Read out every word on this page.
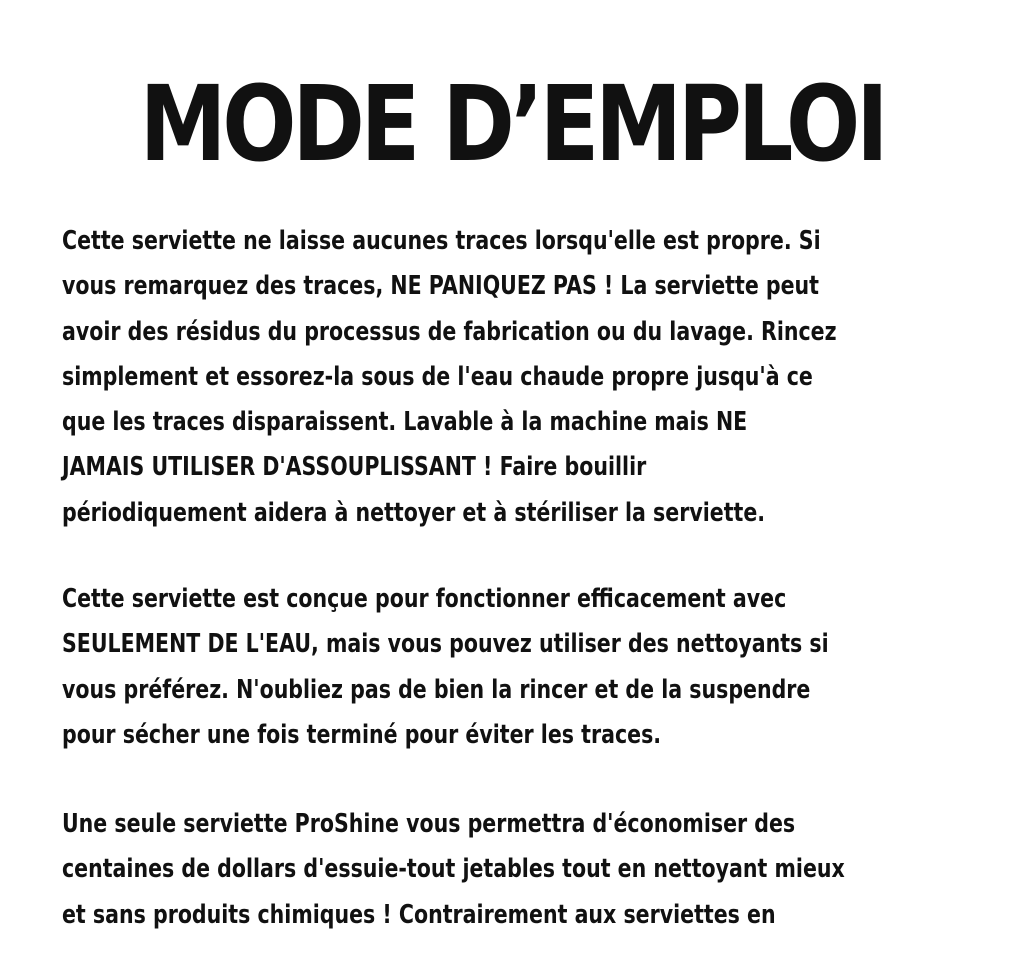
MODE D’EMPLOI
Cette serviette ne laisse aucunes traces lorsqu'elle est propre. Si
vous remarquez des traces, NE PANIQUEZ PAS ! La serviette peut
avoir des résidus du processus de fabrication ou du lavage. Rincez
simplement et essorez-la sous de l'eau chaude propre jusqu'à ce
que les traces disparaissent. Lavable à la machine mais NE
JAMAIS UTILISER D'ASSOUPLISSANT ! Faire bouillir
périodiquement aidera à nettoyer et à stériliser la serviette.
Cette serviette est conçue pour fonctionner efficacement avec
SEULEMENT DE L'EAU, mais vous pouvez utiliser des nettoyants si
vous préférez. N'oubliez pas de bien la rincer et de la suspendre
pour sécher une fois terminé pour éviter les traces.
Une seule serviette ProShine vous permettra d'économiser des
centaines de dollars d'essuie-tout jetables tout en nettoyant mieux
et sans produits chimiques ! Contrairement aux serviettes en
